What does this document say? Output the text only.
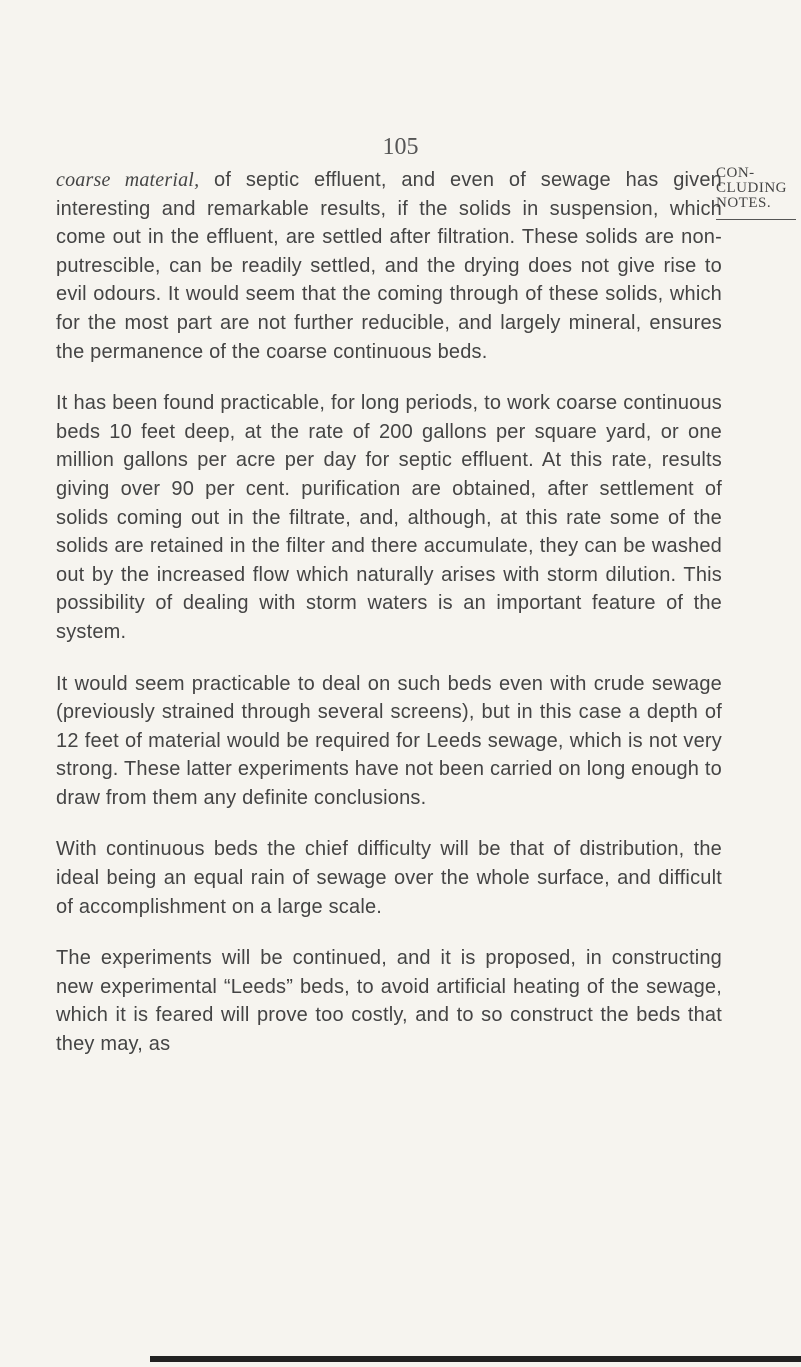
105
CON-
CLUDING
NOTES.

coarse material, of septic effluent, and even of sewage has given interesting and remarkable results, if the solids in suspension, which come out in the effluent, are settled after filtration. These solids are non-putrescible, can be readily settled, and the drying does not give rise to evil odours. It would seem that the coming through of these solids, which for the most part are not further reducible, and largely mineral, ensures the permanence of the coarse continuous beds.

It has been found practicable, for long periods, to work coarse continuous beds 10 feet deep, at the rate of 200 gallons per square yard, or one million gallons per acre per day for septic effluent. At this rate, results giving over 90 per cent. purification are obtained, after settlement of solids coming out in the filtrate, and, although, at this rate some of the solids are retained in the filter and there accumulate, they can be washed out by the increased flow which naturally arises with storm dilution. This possibility of dealing with storm waters is an important feature of the system.

It would seem practicable to deal on such beds even with crude sewage (previously strained through several screens), but in this case a depth of 12 feet of material would be required for Leeds sewage, which is not very strong. These latter experiments have not been carried on long enough to draw from them any definite conclusions.

With continuous beds the chief difficulty will be that of distribution, the ideal being an equal rain of sewage over the whole surface, and difficult of accomplishment on a large scale.

The experiments will be continued, and it is proposed, in constructing new experimental “Leeds” beds, to avoid artificial heating of the sewage, which it is feared will prove too costly, and to so construct the beds that they may, as
